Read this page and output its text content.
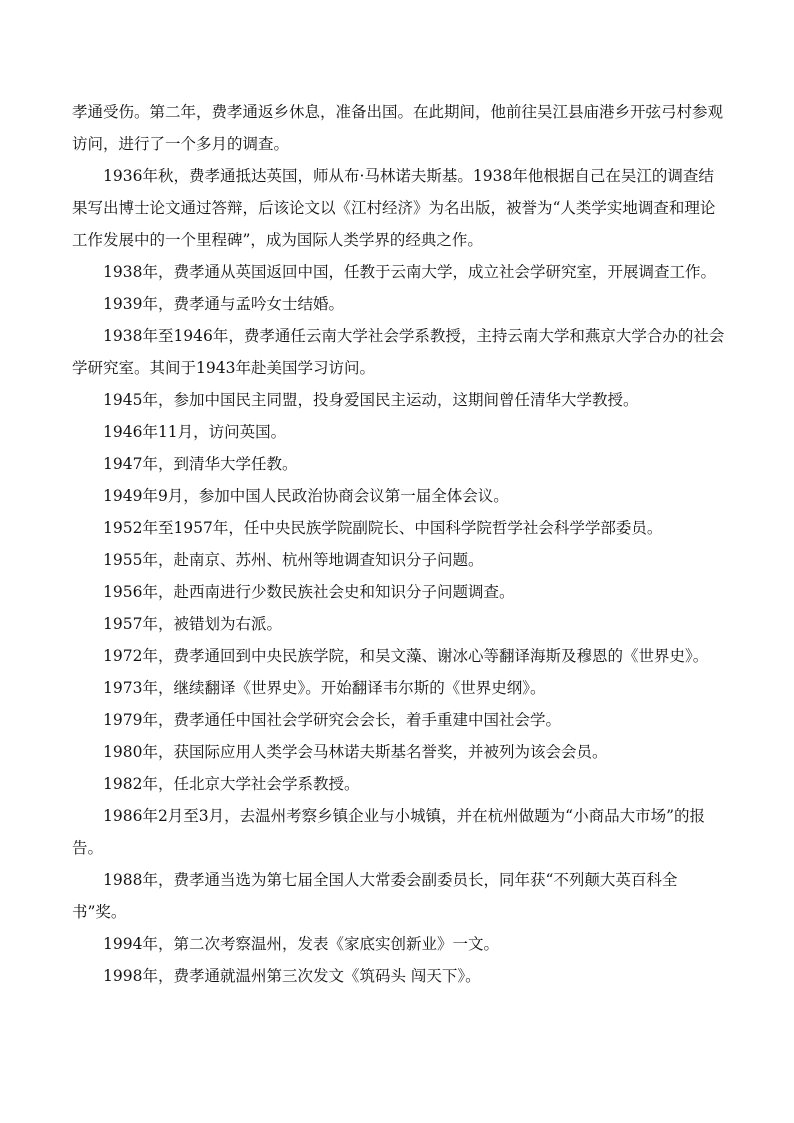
孝通受伤。第二年，费孝通返乡休息，准备出国。在此期间，他前往吴江县庙港乡开弦弓村参观访问，进行了一个多月的调查。

1936年秋，费孝通抵达英国，师从布·马林诺夫斯基。1938年他根据自己在吴江的调查结果写出博士论文通过答辩，后该论文以《江村经济》为名出版，被誉为“人类学实地调查和理论工作发展中的一个里程碑”，成为国际人类学界的经典之作。

1938年，费孝通从英国返回中国，任教于云南大学，成立社会学研究室，开展调查工作。

1939年，费孝通与孟吟女士结婚。

1938年至1946年，费孝通任云南大学社会学系教授，主持云南大学和燕京大学合办的社会学研究室。其间于1943年赴美国学习访问。

1945年，参加中国民主同盟，投身爱国民主运动，这期间曾任清华大学教授。

1946年11月，访问英国。

1947年，到清华大学任教。

1949年9月，参加中国人民政治协商会议第一届全体会议。

1952年至1957年，任中央民族学院副院长、中国科学院哲学社会科学学部委员。

1955年，赴南京、苏州、杭州等地调查知识分子问题。

1956年，赴西南进行少数民族社会史和知识分子问题调查。

1957年，被错划为右派。

1972年，费孝通回到中央民族学院，和吴文藻、谢冰心等翻译海斯及穆恩的《世界史》。

1973年，继续翻译《世界史》。开始翻译韦尔斯的《世界史纲》。

1979年，费孝通任中国社会学研究会会长，着手重建中国社会学。

1980年，获国际应用人类学会马林诺夫斯基名誉奖，并被列为该会会员。

1982年，任北京大学社会学系教授。

1986年2月至3月，去温州考察乡镇企业与小城镇，并在杭州做题为“小商品大市场”的报告。

1988年，费孝通当选为第七届全国人大常委会副委员长，同年获“不列颠大英百科全书”奖。

1994年，第二次考察温州，发表《家底实创新业》一文。

1998年，费孝通就温州第三次发文《筑码头 闯天下》。
